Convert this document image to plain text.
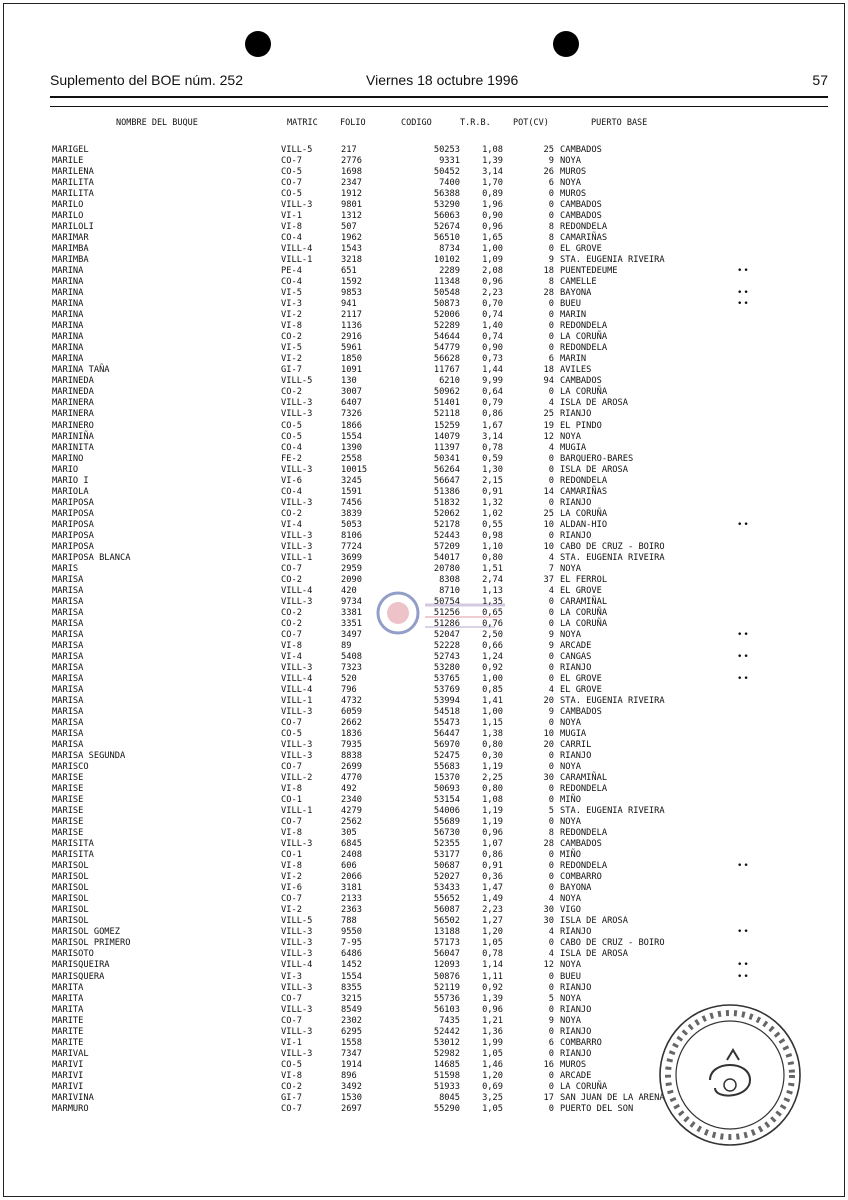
Suplemento del BOE núm. 252	Viernes 18 octubre 1996	57
NOMBRE DEL BUQUE	MATRIC	FOLIO	CODIGO	T.R.B.	POT(CV)	PUERTO BASE
MARIGEL	VILL-5	217	50253	1,08	25 CAMBADOS
MARILE	CO-7	2776	9331	1,39	9 NOYA
MARILENA	CO-5	1698	50452	3,14	26 MUROS
MARILITA	CO-7	2347	7400	1,70	6 NOYA
MARILITA	CO-5	1912	56388	0,89	0 MUROS
MARILO	VILL-3	9801	53290	1,96	0 CAMBADOS
MARILO	VI-1	1312	56063	0,90	0 CAMBADOS
MARILOLI	VI-8	507	52674	0,96	8 REDONDELA
MARIMAR	CO-4	1962	56510	1,65	8 CAMARIÑAS
MARIMBA	VILL-4	1543	8734	1,00	0 EL GROVE
MARIMBA	VILL-1	3218	10102	1,09	9 STA. EUGENIA RIVEIRA
MARINA	PE-4	651	2289	2,08	18 PUENTEDEUME	••
MARINA	CO-4	1592	11348	0,96	8 CAMELLE
MARINA	VI-5	9853	50548	2,23	28 BAYONA	••
MARINA	VI-3	941	50873	0,70	0 BUEU	••
MARINA	VI-2	2117	52006	0,74	0 MARIN
MARINA	VI-8	1136	52289	1,40	0 REDONDELA
MARINA	CO-2	2916	54644	0,74	0 LA CORUÑA
MARINA	VI-5	5961	54779	0,90	0 REDONDELA
MARINA	VI-2	1850	56628	0,73	6 MARIN
MARINA TAÑA	GI-7	1091	11767	1,44	18 AVILES
MARINEDA	VILL-5	130	6210	9,99	94 CAMBADOS
MARINEDA	CO-2	3007	50962	0,64	0 LA CORUÑA
MARINERA	VILL-3	6407	51401	0,79	4 ISLA DE AROSA
MARINERA	VILL-3	7326	52118	0,86	25 RIANJO
MARINERO	CO-5	1866	15259	1,67	19 EL PINDO
MARINIÑA	CO-5	1554	14079	3,14	12 NOYA
MARINITA	CO-4	1390	11397	0,78	4 MUGIA
MARINO	FE-2	2558	50341	0,59	0 BARQUERO-BARES
MARIO	VILL-3	10015	56264	1,30	0 ISLA DE AROSA
MARIO I	VI-6	3245	56647	2,15	0 REDONDELA
MARIOLA	CO-4	1591	51386	0,91	14 CAMARIÑAS
MARIPOSA	VILL-3	7456	51832	1,32	0 RIANJO
MARIPOSA	CO-2	3839	52062	1,02	25 LA CORUÑA
MARIPOSA	VI-4	5053	52178	0,55	10 ALDAN-HIO	••
MARIPOSA	VILL-3	8106	52443	0,98	0 RIANJO
MARIPOSA	VILL-3	7724	57209	1,10	10 CABO DE CRUZ - BOIRO
MARIPOSA BLANCA	VILL-1	3699	54017	0,80	4 STA. EUGENIA RIVEIRA
MARIS	CO-7	2959	20780	1,51	7 NOYA
MARISA	CO-2	2090	8308	2,74	37 EL FERROL
MARISA	VILL-4	420	8710	1,13	4 EL GROVE
MARISA	VILL-3	9734	50754	1,35	0 CARAMIÑAL
MARISA	CO-2	3381	51256	0,65	0 LA CORUÑA
MARISA	CO-2	3351	51286	0,76	0 LA CORUÑA
MARISA	CO-7	3497	52047	2,50	9 NOYA	••
MARISA	VI-8	89	52228	0,66	9 ARCADE
MARISA	VI-4	5408	52743	1,24	0 CANGAS	••
MARISA	VILL-3	7323	53280	0,92	0 RIANJO
MARISA	VILL-4	520	53765	1,00	0 EL GROVE	••
MARISA	VILL-4	796	53769	0,85	4 EL GROVE
MARISA	VILL-1	4732	53994	1,41	20 STA. EUGENIA RIVEIRA
MARISA	VILL-3	6059	54518	1,00	9 CAMBADOS
MARISA	CO-7	2662	55473	1,15	0 NOYA
MARISA	CO-5	1836	56447	1,38	10 MUGIA
MARISA	VILL-3	7935	56970	0,80	20 CARRIL
MARISA SEGUNDA	VILL-3	8838	52475	0,30	0 RIANJO
MARISCO	CO-7	2699	55683	1,19	0 NOYA
MARISE	VILL-2	4770	15370	2,25	30 CARAMIÑAL
MARISE	VI-8	492	50693	0,80	0 REDONDELA
MARISE	CO-1	2340	53154	1,08	0 MIÑO
MARISE	VILL-1	4279	54006	1,19	5 STA. EUGENIA RIVEIRA
MARISE	CO-7	2562	55689	1,19	0 NOYA
MARISE	VI-8	305	56730	0,96	8 REDONDELA
MARISITA	VILL-3	6845	52355	1,07	28 CAMBADOS
MARISITA	CO-1	2408	53177	0,86	0 MIÑO
MARISOL	VI-8	606	50687	0,91	0 REDONDELA	••
MARISOL	VI-2	2066	52027	0,36	0 COMBARRO
MARISOL	VI-6	3181	53433	1,47	0 BAYONA
MARISOL	CO-7	2133	55652	1,49	4 NOYA
MARISOL	VI-2	2363	56087	2,23	30 VIGO
MARISOL	VILL-5	788	56502	1,27	30 ISLA DE AROSA
MARISOL GOMEZ	VILL-3	9550	13188	1,20	4 RIANJO	••
MARISOL PRIMERO	VILL-3	7-95	57173	1,05	0 CABO DE CRUZ - BOIRO
MARISOTO	VILL-3	6486	56047	0,78	4 ISLA DE AROSA
MARISQUEIRA	VILL-4	1452	12093	1,14	12 NOYA	••
MARISQUERA	VI-3	1554	50876	1,11	0 BUEU	••
MARITA	VILL-3	8355	52119	0,92	0 RIANJO
MARITA	CO-7	3215	55736	1,39	5 NOYA
MARITA	VILL-3	8549	56103	0,96	0 RIANJO
MARITE	CO-7	2302	7435	1,21	9 NOYA
MARITE	VILL-3	6295	52442	1,36	0 RIANJO
MARITE	VI-1	1558	53012	1,99	6 COMBARRO
MARIVAL	VILL-3	7347	52982	1,05	0 RIANJO
MARIVI	CO-5	1914	14685	1,46	16 MUROS
MARIVI	VI-8	896	51598	1,20	0 ARCADE
MARIVI	CO-2	3492	51933	0,69	0 LA CORUÑA
MARIVINA	GI-7	1530	8045	3,25	17 SAN JUAN DE LA ARENA
MARMURO	CO-7	2697	55290	1,05	0 PUERTO DEL SON
